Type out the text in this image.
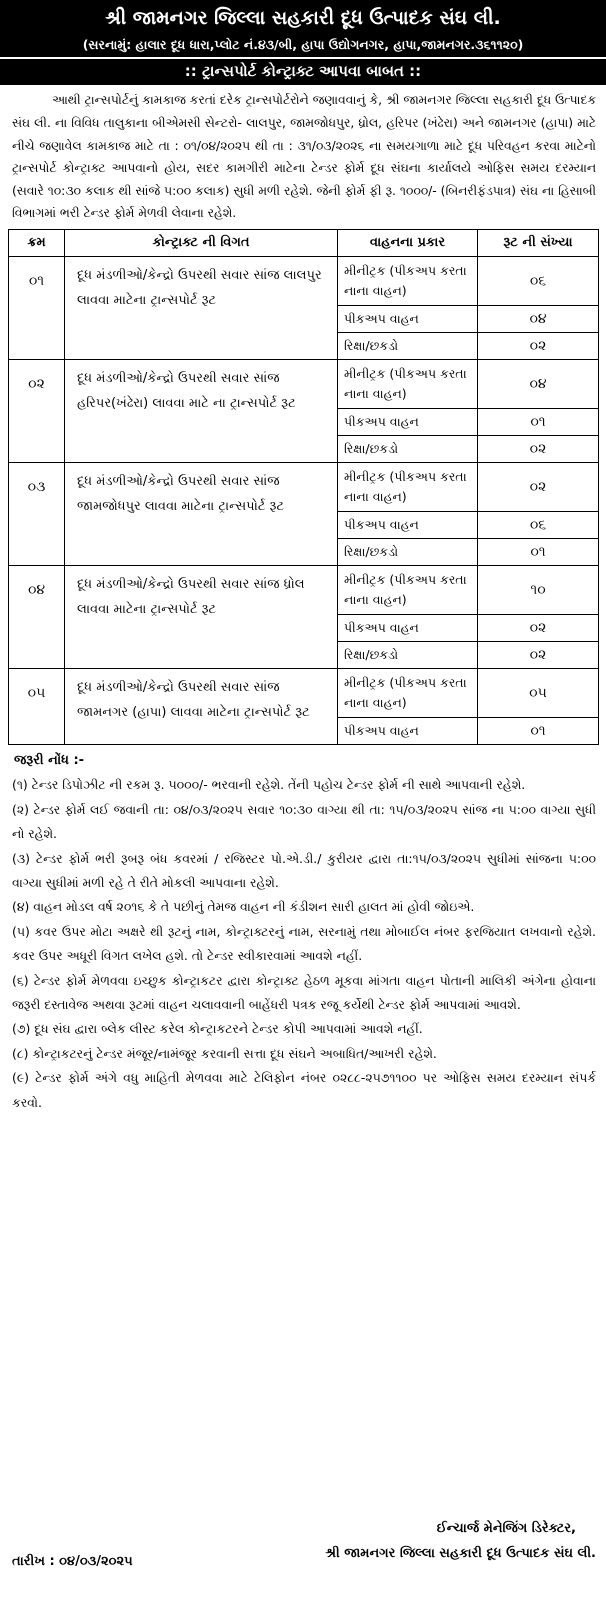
શ્રી જામનગર જિલ્લા સહકારી દૂધ ઉત્પાદક સંઘ લી.
(સરનામું: હાલાર દૂધ ધારા,પ્લોટ નં.૪૩/બી, હાપા ઉદ્યોગનગર, હાપા,જામનગર.૩૬૧૧૨૦)
:: ટ્રાન્સપોર્ટ કોન્ટ્રાક્ટ આપવા બાબત ::
આથી ટ્રાન્સપોર્ટનું કામકાજ કરતાં દરેક ટ્રાન્સપોર્ટરોને જણાવવાનું કે, શ્રી જામનગર જિલ્લા સહકારી દૂધ ઉત્પાદક સંઘ લી. ના વિવિધ તાલુકાના બીએમસી સેન્ટરો- લાલપુર, જામજોધપુર, ધ્રોલ, હરિપર (ખંઢેરા) અને જામનગર (હાપા) માટે નીચે જણાવેલ કામકાજ માટે તા : ૦૧/૦૪/૨૦૨૫ થી તા : ૩૧/૦૩/૨૦૨૬ ના સમયગાળા માટે દૂધ પરિવહન કરવા માટેનો ટ્રાન્સપોર્ટ કોન્ટ્રાક્ટ આપવાનો હોય, સદર કામગીરી માટેના ટેન્ડર ફોર્મ દૂધ સંઘના કાર્યાલયે ઓફિસ સમય દરમ્યાન (સવારે ૧૦:૩૦ કલાક થી સાંજે ૫:૦૦ કલાક) સુધી મળી રહેશે. જેની ફોર્મ ફી રૂ. ૧૦૦૦/- (બિનરીફંડપાત્ર) સંઘ ના હિસાબી વિભાગમાં ભરી ટેન્ડર ફોર્મ મેળવી લેવાના રહેશે.
ક્રમ	કોન્ટ્રાક્ટ ની વિગત	વાહનના પ્રકાર	રૂટ ની સંખ્યા
૦૧	દૂધ મંડળીઓ/કેન્દ્રો ઉપરથી સવાર સાંજ લાલપુર લાવવા માટેના ટ્રાન્સપોર્ટ રૂટ	મીનીટ્રક (પીકઅપ કરતા નાના વાહન)	૦૬
		પીકઅપ વાહન	૦૪
		રિક્ષા/છકડો	૦૨
૦૨	દૂધ મંડળીઓ/કેન્દ્રો ઉપરથી સવાર સાંજ હરિપર(ખંઢેરા) લાવવા માટે ના ટ્રાન્સપોર્ટ રૂટ	મીનીટ્રક (પીકઅપ કરતા નાના વાહન)	૦૪
		પીકઅપ વાહન	૦૧
		રિક્ષા/છકડો	૦૨
૦૩	દૂધ મંડળીઓ/કેન્દ્રો ઉપરથી સવાર સાંજ જામજોધપુર લાવવા માટેના ટ્રાન્સપોર્ટ રૂટ	મીનીટ્રક (પીકઅપ કરતા નાના વાહન)	૦૨
		પીકઅપ વાહન	૦૬
		રિક્ષા/છકડો	૦૧
૦૪	દૂધ મંડળીઓ/કેન્દ્રો ઉપરથી સવાર સાંજ ધ્રોલ લાવવા માટેના ટ્રાન્સપોર્ટ રૂટ	મીનીટ્રક (પીકઅપ કરતા નાના વાહન)	૧૦
		પીકઅપ વાહન	૦૨
		રિક્ષા/છકડો	૦૨
૦૫	દૂધ મંડળીઓ/કેન્દ્રો ઉપરથી સવાર સાંજ જામનગર (હાપા) લાવવા માટેના ટ્રાન્સપોર્ટ રૂટ	મીનીટ્રક (પીકઅપ કરતા નાના વાહન)	૦૫
		પીકઅપ વાહન	૦૧
જરૂરી નોંધ :-

(૧) ટેન્ડર ડિપોઝીટ ની રકમ રૂ. ૫૦૦૦/- ભરવાની રહેશે. તેંની પહોચ ટેન્ડર ફોર્મ ની સાથે આપવાની રહેશે.

(૨) ટેન્ડર ફોર્મ લઈ જવાની તા: ૦૪/૦૩/૨૦૨૫ સવાર ૧૦:૩૦ વાગ્યા થી તા: ૧૫/૦૩/૨૦૨૫ સાંજ ના ૫:૦૦ વાગ્યા સુધી નો રહેશે.

(૩) ટેન્ડર ફોર્મ ભરી રૂબરૂ બંધ કવરમાં / રજિસ્ટર પો.એ.ડી./ કુરીયર દ્વારા તા:૧૫/૦૩/૨૦૨૫ સુધીમાં સાંજના ૫:૦૦ વાગ્યા સુધીમાં મળી રહે તે રીતે મોકલી આપવાના રહેશે.

(૪) વાહન મોડલ વર્ષ ૨૦૧૬ કે તે પછીનું તેમજ વાહન ની કંડીશન સારી હાલત માં હોવી જોઇએ.

(૫) કવર ઉપર મોટા અક્ષરે થી રૂટનું નામ, કોન્ટ્રાક્ટરનું નામ, સરનામું તથા મોબાઈલ નંબર ફરજિયાત લખવાનો રહેશે. કવર ઉપર અધૂરી વિગત લખેલ હશે. તો ટેન્ડર સ્વીકારવામાં આવશે નહીં.

(૬) ટેન્ડર ફોર્મ મેળવવા ઇચ્છુક કોન્ટ્રાકટર દ્વારા કોન્ટ્રાક્ટ હેઠળ મૂકવા માંગતા વાહન પોતાની માલિકી અંગેના હોવાના જરૂરી દસ્તાવેજ અથવા રૂટમાં વાહન ચલાવવાની બાહેંધરી પત્રક રજૂ કર્યેથી ટેન્ડર ફોર્મ આપવામાં આવશે.

(૭) દૂધ સંઘ દ્વારા બ્લેક લીસ્ટ કરેલ કોન્ટ્રાકટરને ટેન્ડર કોપી આપવામાં આવશે નહીં.

(૮) કોન્ટ્રાકટરનું ટેન્ડર મંજૂર/નામંજૂર કરવાની સત્તા દૂધ સંઘને અબાધિત/આખરી રહેશે.

(૯) ટેન્ડર ફોર્મ અંગે વધુ માહિતી મેળવવા માટે ટેલિફોન નંબર ૦૨૮૮-૨૫૭૧૧૦૦ પર ઓફિસ સમય દરમ્યાન સંપર્ક કરવો.

ઈન્ચાર્જ મેનેજિંગ ડિરેક્ટર,
શ્રી જામનગર જિલ્લા સહકારી દૂધ ઉત્પાદક સંઘ લી.
તારીખ : ૦૪/૦૩/૨૦૨૫
